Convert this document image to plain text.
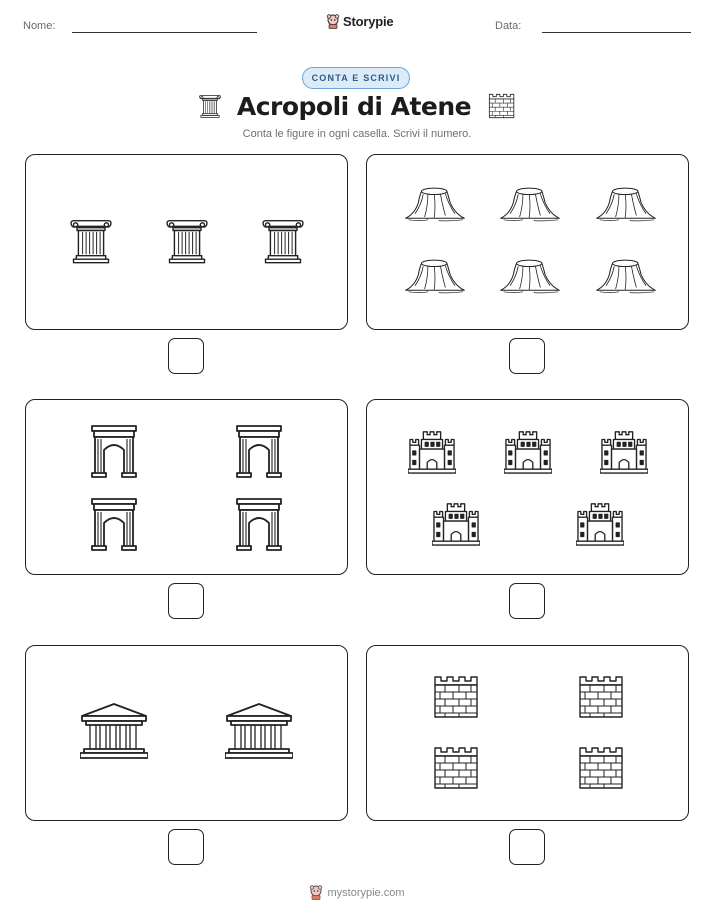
Nome:	Storypie	Data:
CONTA E SCRIVI
Acropoli di Atene
Conta le figure in ogni casella. Scrivi il numero.
mystorypie.com
